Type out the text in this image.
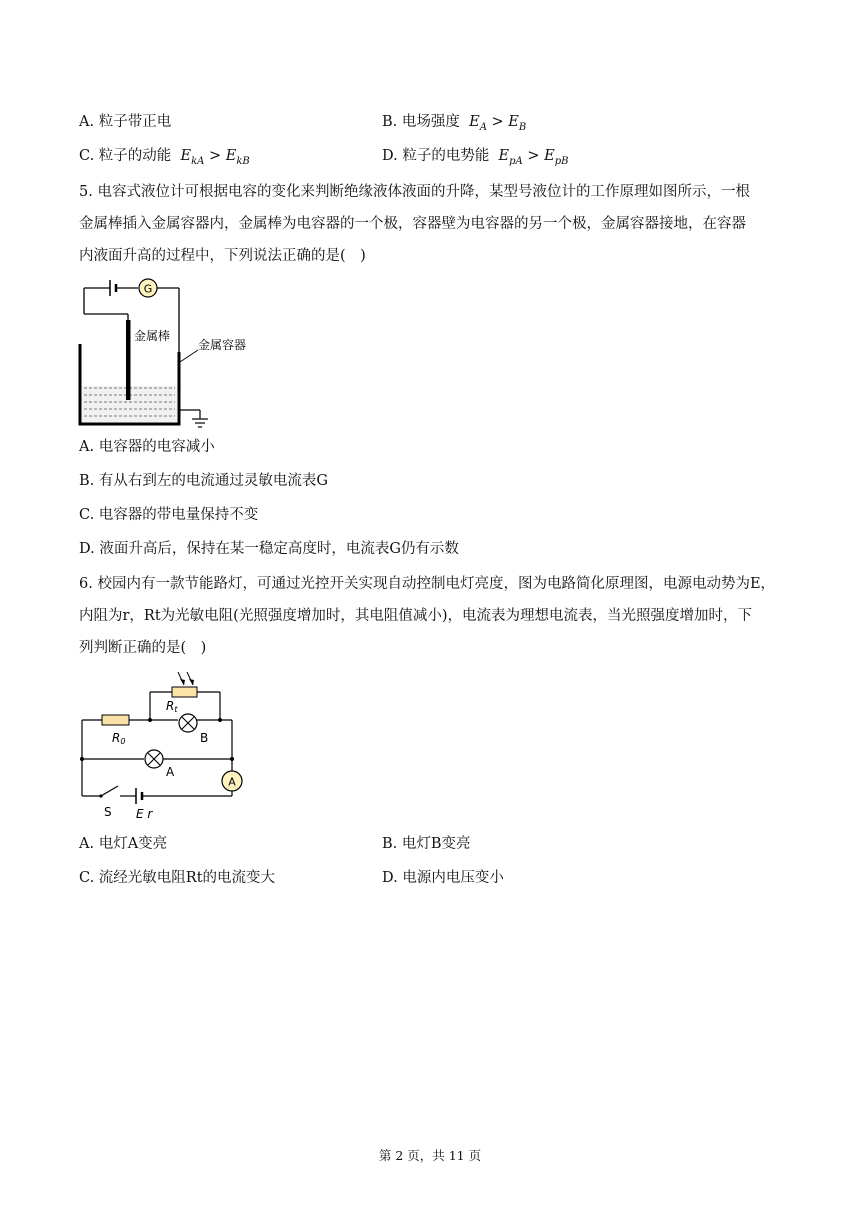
A. 粒子带正电	B. 电场强度 $E_A > E_B$
C. 粒子的动能 $E_{kA} > E_{kB}$	D. 粒子的电势能 $E_{pA} > E_{pB}$
5. 电容式液位计可根据电容的变化来判断绝缘液体液面的升降，某型号液位计的工作原理如图所示，一根
金属棒插入金属容器内，金属棒为电容器的一个极，容器壁为电容器的另一个极，金属容器接地，在容器
内液面升高的过程中，下列说法正确的是(　)
G
金属棒
金属容器
A. 电容器的电容减小
B. 有从右到左的电流通过灵敏电流表G
C. 电容器的带电量保持不变
D. 液面升高后，保持在某一稳定高度时，电流表G仍有示数
6. 校园内有一款节能路灯，可通过光控开关实现自动控制电灯亮度，图为电路简化原理图，电源电动势为E，
内阻为r，Rt为光敏电阻(光照强度增加时，其电阻值减小)，电流表为理想电流表，当光照强度增加时，下
列判断正确的是(　)
Rt
R0	B
A
A
S E r
A. 电灯A变亮	B. 电灯B变亮
C. 流经光敏电阻Rt的电流变大	D. 电源内电压变小
第 2 页，共 11 页
